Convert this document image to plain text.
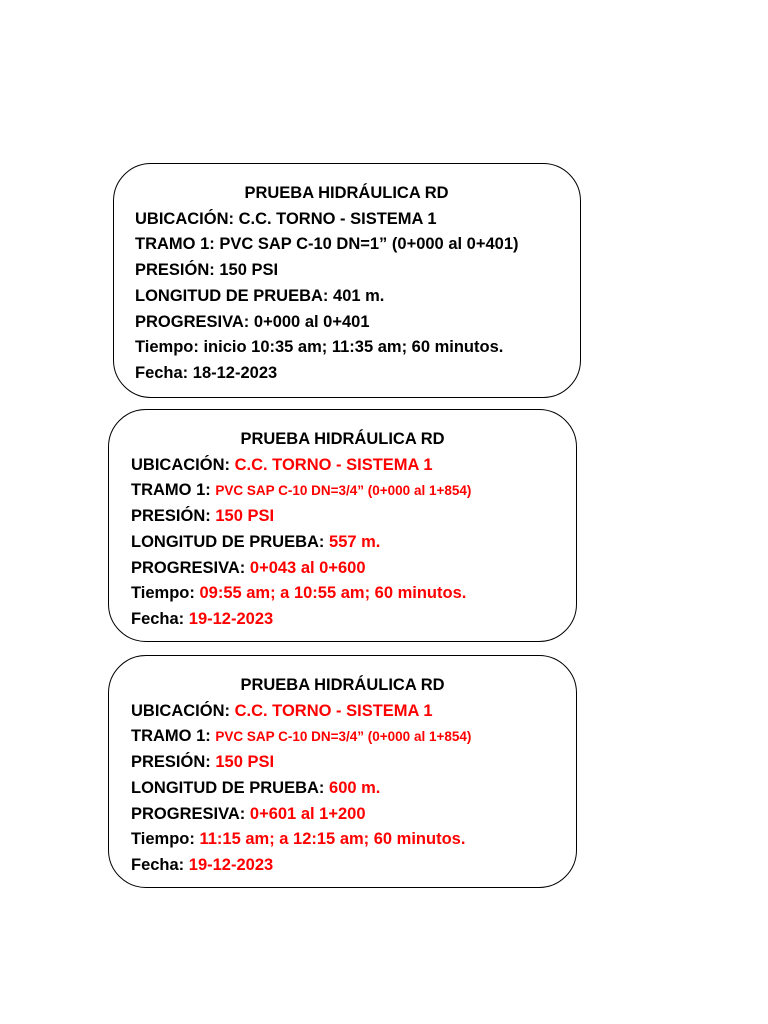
PRUEBA HIDRÁULICA RD
UBICACIÓN: C.C. TORNO - SISTEMA 1
TRAMO 1: PVC SAP C-10 DN=1” (0+000 al 0+401)
PRESIÓN: 150 PSI
LONGITUD DE PRUEBA: 401 m.
PROGRESIVA: 0+000 al 0+401
Tiempo: inicio 10:35 am; 11:35 am; 60 minutos.
Fecha: 18-12-2023
PRUEBA HIDRÁULICA RD
UBICACIÓN: C.C. TORNO - SISTEMA 1
TRAMO 1: PVC SAP C-10 DN=3/4” (0+000 al 1+854)
PRESIÓN: 150 PSI
LONGITUD DE PRUEBA: 557 m.
PROGRESIVA: 0+043 al 0+600
Tiempo: 09:55 am; a 10:55 am; 60 minutos.
Fecha: 19-12-2023
PRUEBA HIDRÁULICA RD
UBICACIÓN: C.C. TORNO - SISTEMA 1
TRAMO 1: PVC SAP C-10 DN=3/4” (0+000 al 1+854)
PRESIÓN: 150 PSI
LONGITUD DE PRUEBA: 600 m.
PROGRESIVA: 0+601 al 1+200
Tiempo: 11:15 am; a 12:15 am; 60 minutos.
Fecha: 19-12-2023
